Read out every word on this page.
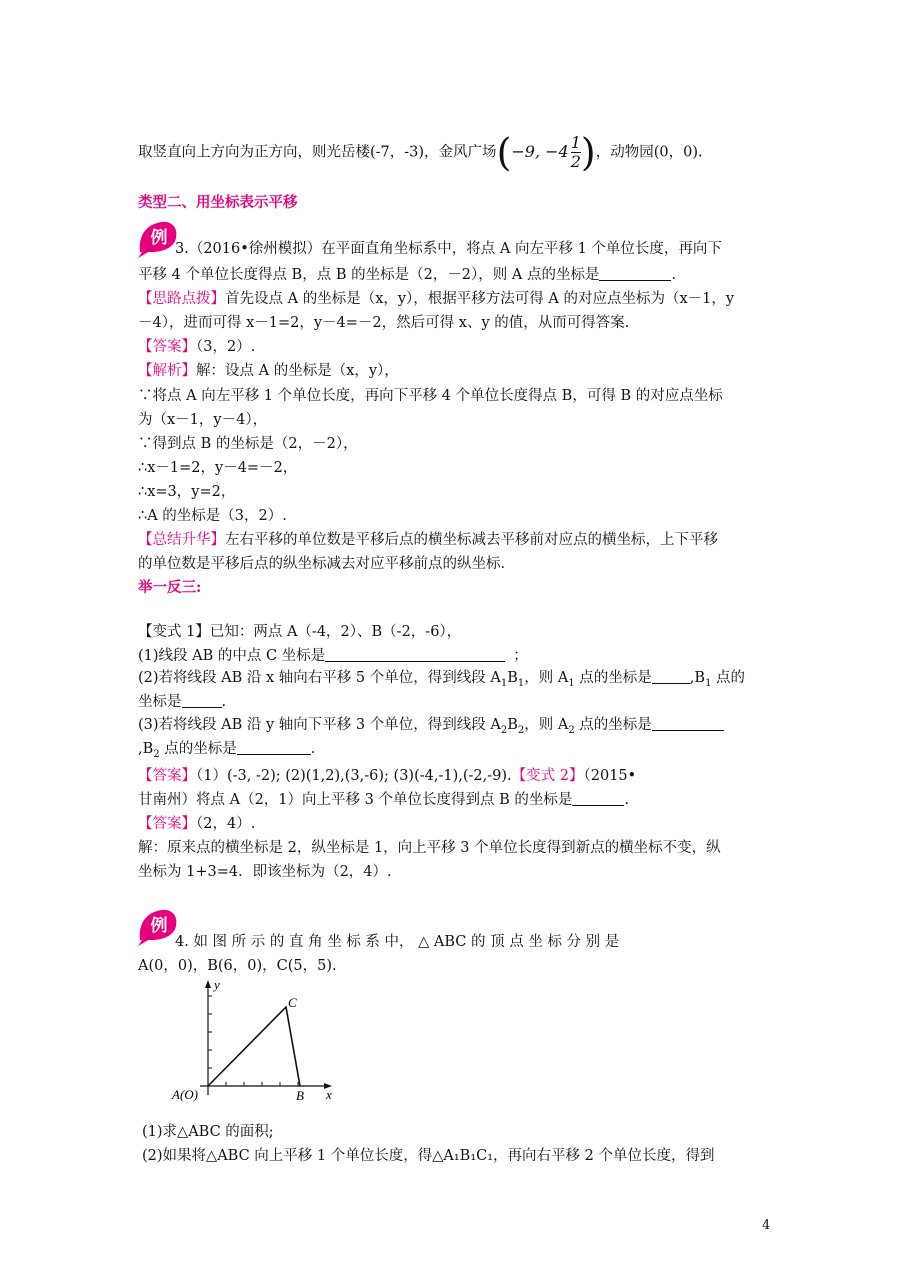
取竖直向上方向为正方向，则光岳楼(-7，-3)，金风广场(−9, $-4 \frac{1}{2}$ )，动物园(0，0).
类型二、用坐标表示平移
例
3.（2016•徐州模拟）在平面直角坐标系中，将点 A 向左平移 1 个单位长度，再向下
平移 4 个单位长度得点 B，点 B 的坐标是（2，－2），则 A 点的坐标是	．
【思路点拨】首先设点 A 的坐标是（x，y），根据平移方法可得 A 的对应点坐标为（x－1，y
－4），进而可得 x－1=2，y－4=－2，然后可得 x、y 的值，从而可得答案.
【答案】（3，2）.
【解析】解：设点 A 的坐标是（x，y），
∵将点 A 向左平移 1 个单位长度，再向下平移 4 个单位长度得点 B，可得 B 的对应点坐标
为（x－1，y－4），
∵得到点 B 的坐标是（2，－2），
∴x－1=2，y－4=－2，
∴x=3，y=2，
∴A 的坐标是（3，2）.
【总结升华】左右平移的单位数是平移后点的横坐标减去平移前对应点的横坐标，上下平移
的单位数是平移后点的纵坐标减去对应平移前点的纵坐标.
举一反三:
【变式 1】已知：两点 A（-4，2）、B（-2，-6），
(1)线段 AB 的中点 C 坐标是	；
(2)若将线段 AB 沿 x 轴向右平移 5 个单位，得到线段 $A_1B_1$，则 $A_1$ 点的坐标是	$,B_1$ 点的
坐标是	.
(3)若将线段 AB 沿 y 轴向下平移 3 个单位，得到线段 $A_2B_2$，则 $A_2$ 点的坐标是
$,B_2$ 点的坐标是	.
【答案】（1）(-3, -2); (2)(1,2),(3,-6); (3)(-4,-1),(-2,-9).【变式 2】（2015•
甘南州）将点 A（2，1）向上平移 3 个单位长度得到点 B 的坐标是	.
【答案】（2，4）.
解：原来点的横坐标是 2，纵坐标是 1，向上平移 3 个单位长度得到新点的横坐标不变，纵
坐标为 1+3=4．即该坐标为（2，4）.
例
4. 如 图 所 示 的 直 角 坐 标 系 中， △ ABC 的 顶 点 坐 标 分 别 是
A(0，0)，B(6，0)，C(5，5).
y
x
C
B
A(O)
(1)求△ABC 的面积;
(2)如果将△ABC 向上平移 1 个单位长度，得△A₁B₁C₁，再向右平移 2 个单位长度，得到
4
